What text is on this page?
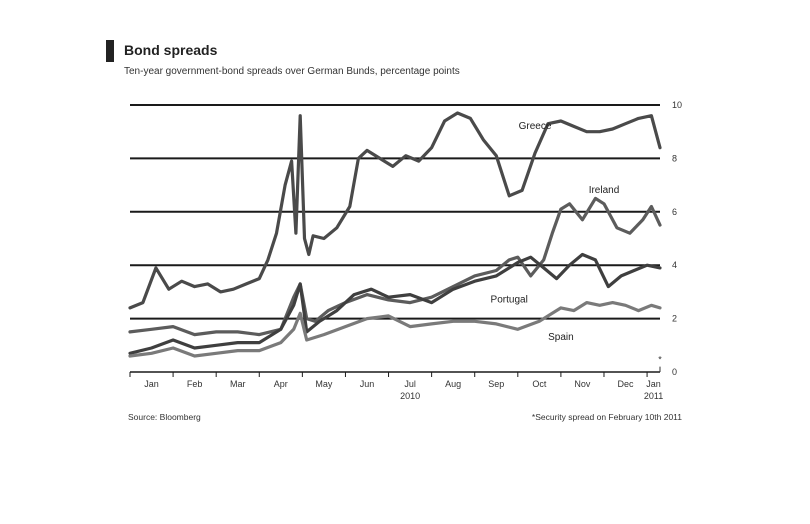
Bond spreads
Ten-year government-bond spreads over German Bunds, percentage points
0
2
4
6
8
10
Jan	Feb	Mar	Apr	May	Jun	Jul	Aug	Sep	Oct	Nov	Dec Jan
2010	2011
*
Greece
Ireland
Portugal
Spain
Source: Bloomberg	*Security spread on February 10th 2011
